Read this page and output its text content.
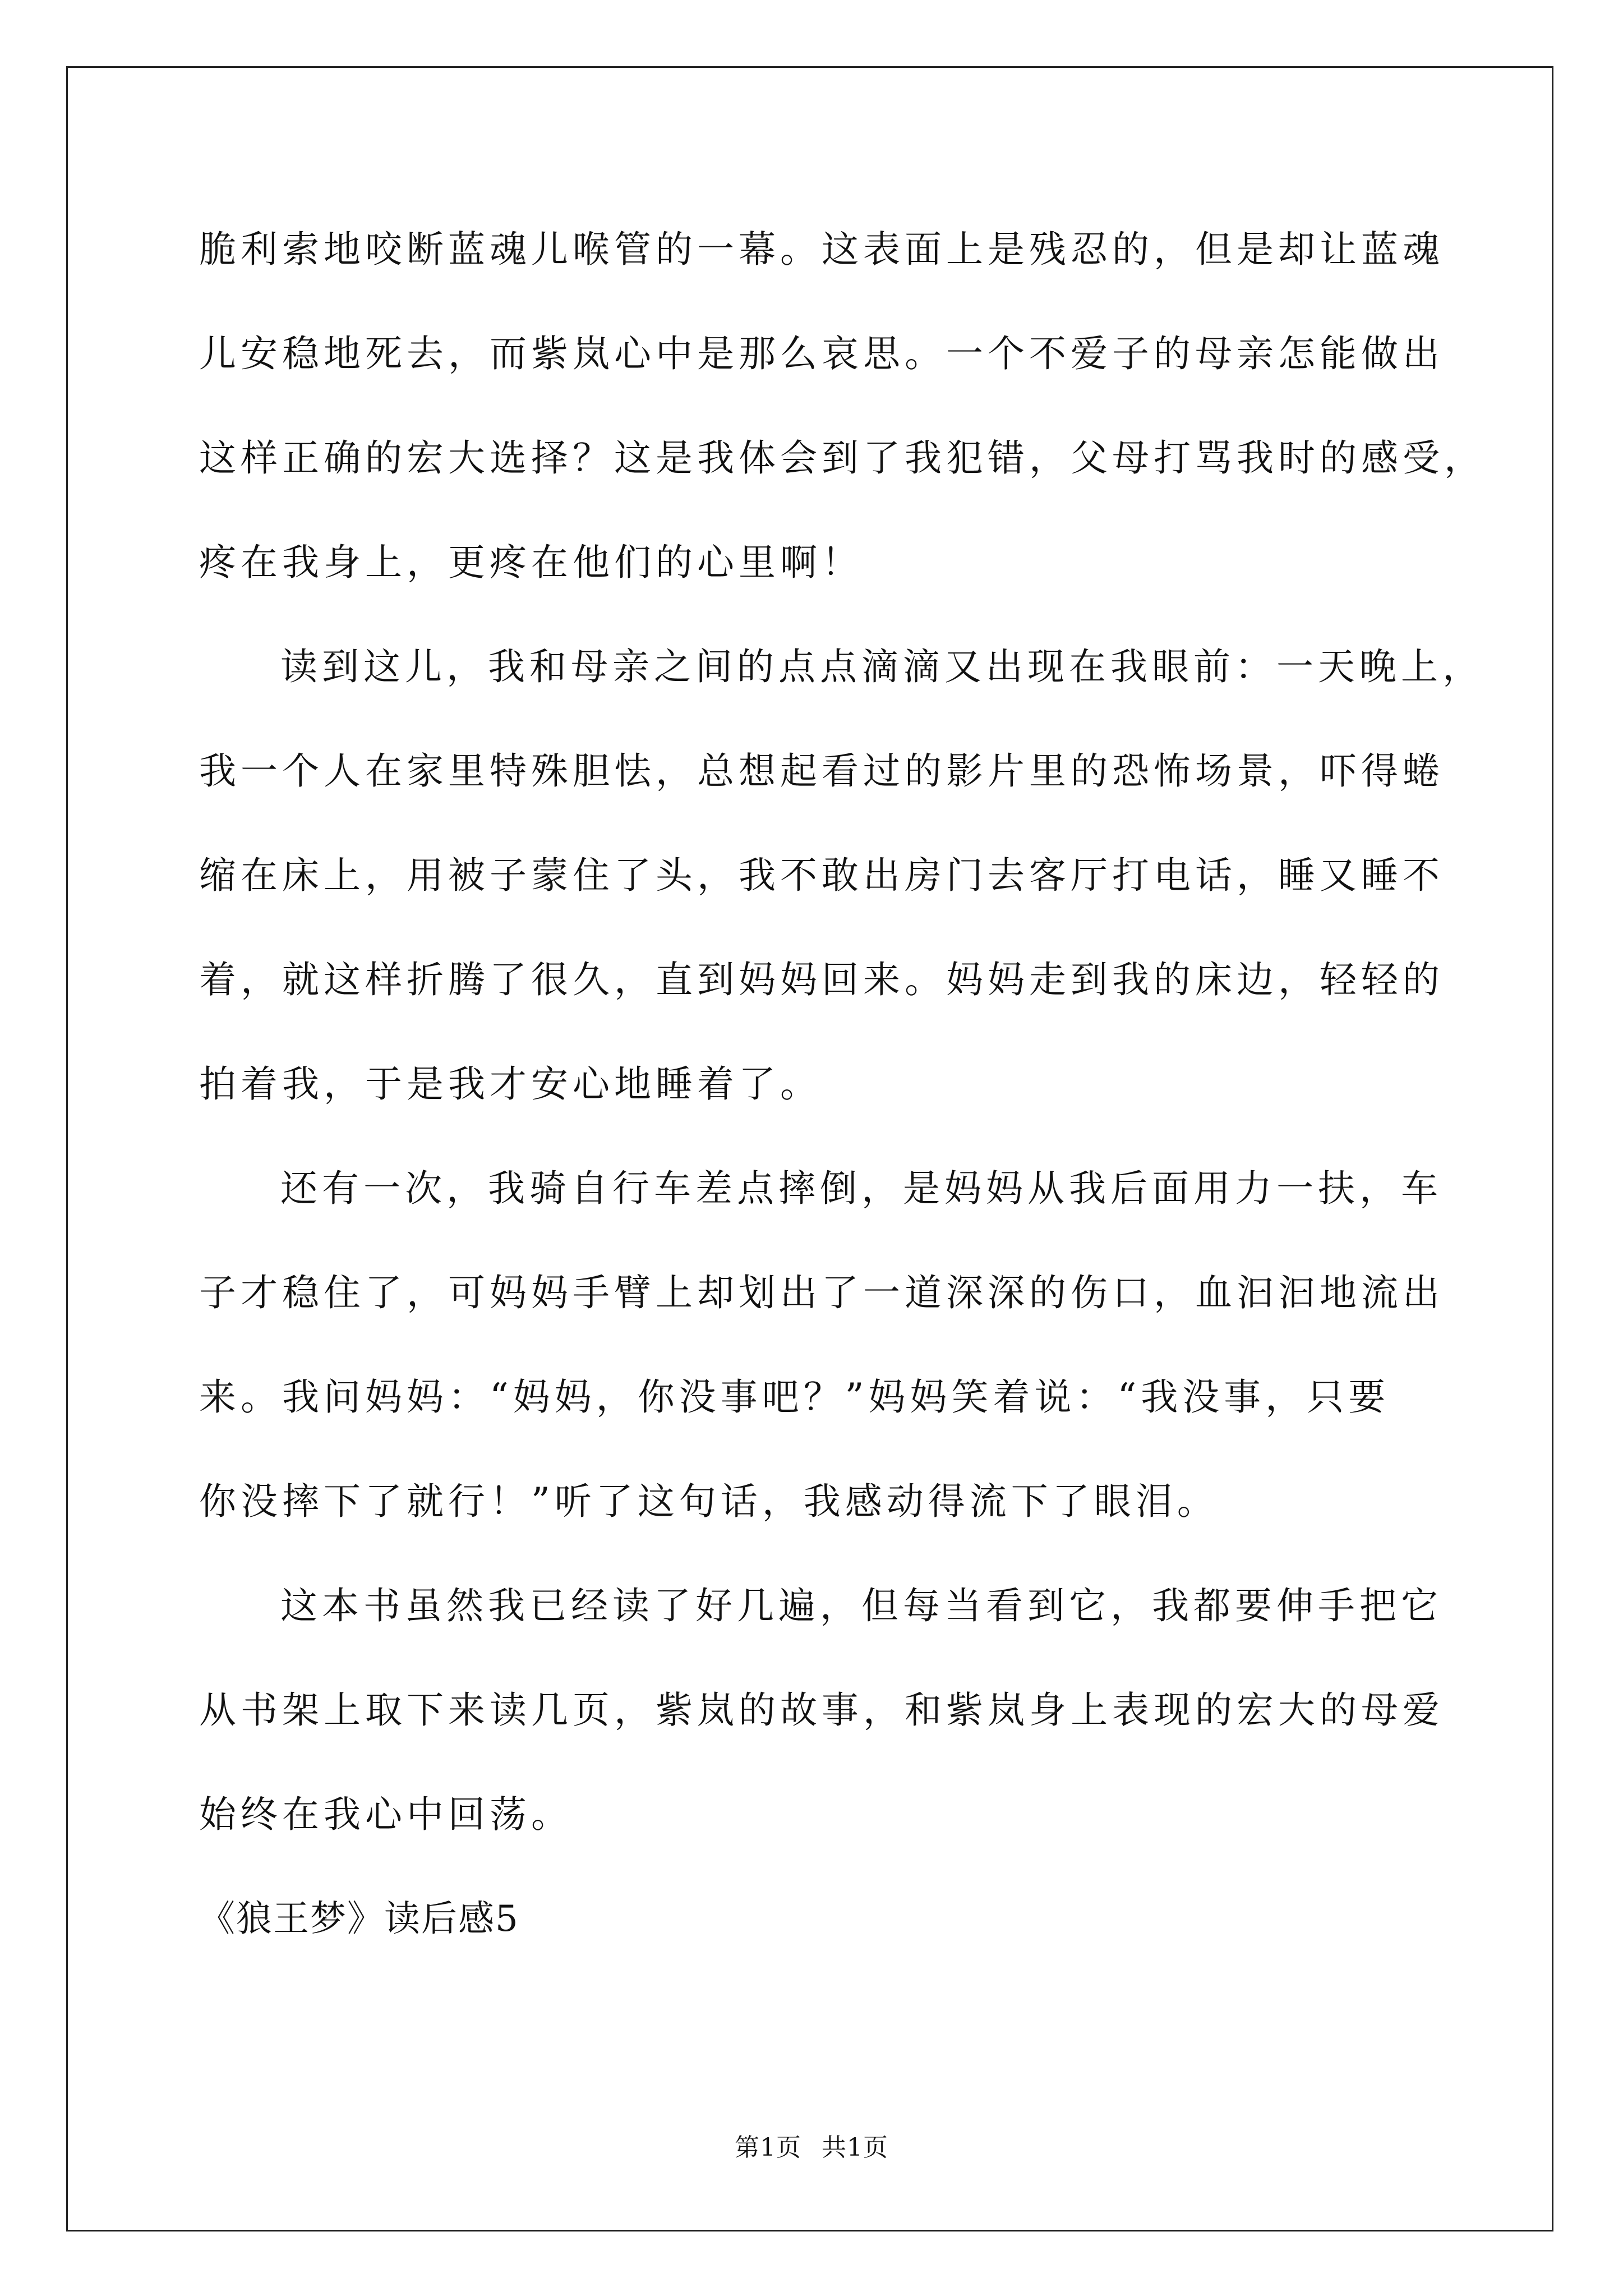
脆利索地咬断蓝魂儿喉管的一幕。这表面上是残忍的，但是却让蓝魂
儿安稳地死去，而紫岚心中是那么哀思。一个不爱子的母亲怎能做出
这样正确的宏大选择？这是我体会到了我犯错，父母打骂我时的感受，
疼在我身上，更疼在他们的心里啊！
读到这儿，我和母亲之间的点点滴滴又出现在我眼前：一天晚上，
我一个人在家里特殊胆怯，总想起看过的影片里的恐怖场景，吓得蜷
缩在床上，用被子蒙住了头，我不敢出房门去客厅打电话，睡又睡不
着，就这样折腾了很久，直到妈妈回来。妈妈走到我的床边，轻轻的
拍着我，于是我才安心地睡着了。
还有一次，我骑自行车差点摔倒，是妈妈从我后面用力一扶，车
子才稳住了，可妈妈手臂上却划出了一道深深的伤口，血汩汩地流出
来。我问妈妈：“妈妈，你没事吧？”妈妈笑着说：“我没事，只要
你没摔下了就行！”听了这句话，我感动得流下了眼泪。
这本书虽然我已经读了好几遍，但每当看到它，我都要伸手把它
从书架上取下来读几页，紫岚的故事，和紫岚身上表现的宏大的母爱
始终在我心中回荡。
《狼王梦》读后感5
第1页 共1页
